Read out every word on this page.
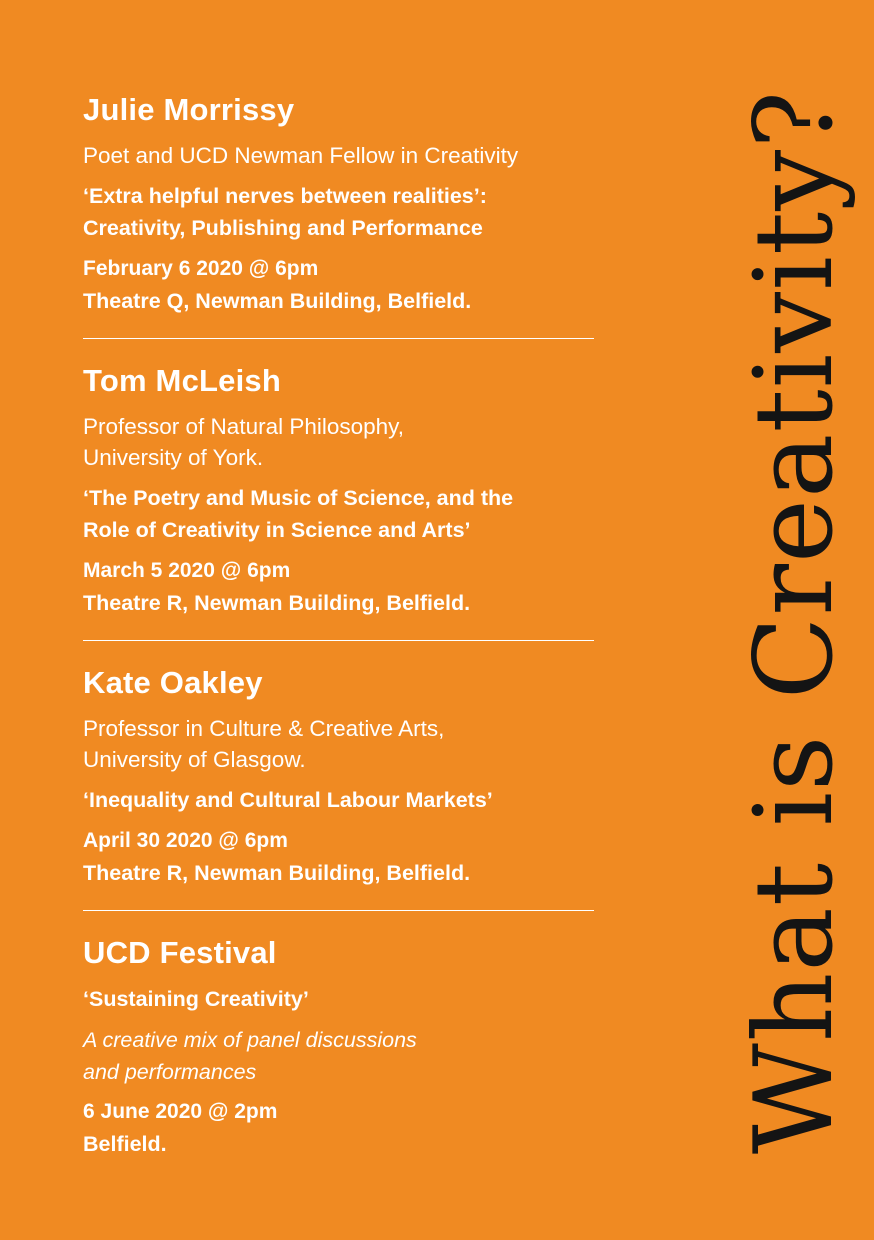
Julie Morrissy
Poet and UCD Newman Fellow in Creativity
‘Extra helpful nerves between realities’:
Creativity, Publishing and Performance
February 6 2020 @ 6pm
Theatre Q, Newman Building, Belfield.
Tom McLeish
Professor of Natural Philosophy,
University of York.
‘The Poetry and Music of Science, and the
Role of Creativity in Science and Arts’
March 5 2020 @ 6pm
Theatre R, Newman Building, Belfield.
Kate Oakley
Professor in Culture & Creative Arts,
University of Glasgow.
‘Inequality and Cultural Labour Markets’
April 30 2020 @ 6pm
Theatre R, Newman Building, Belfield.
UCD Festival
‘Sustaining Creativity’
A creative mix of panel discussions
and performances
6 June 2020 @ 2pm
Belfield.	What is Creativity?
